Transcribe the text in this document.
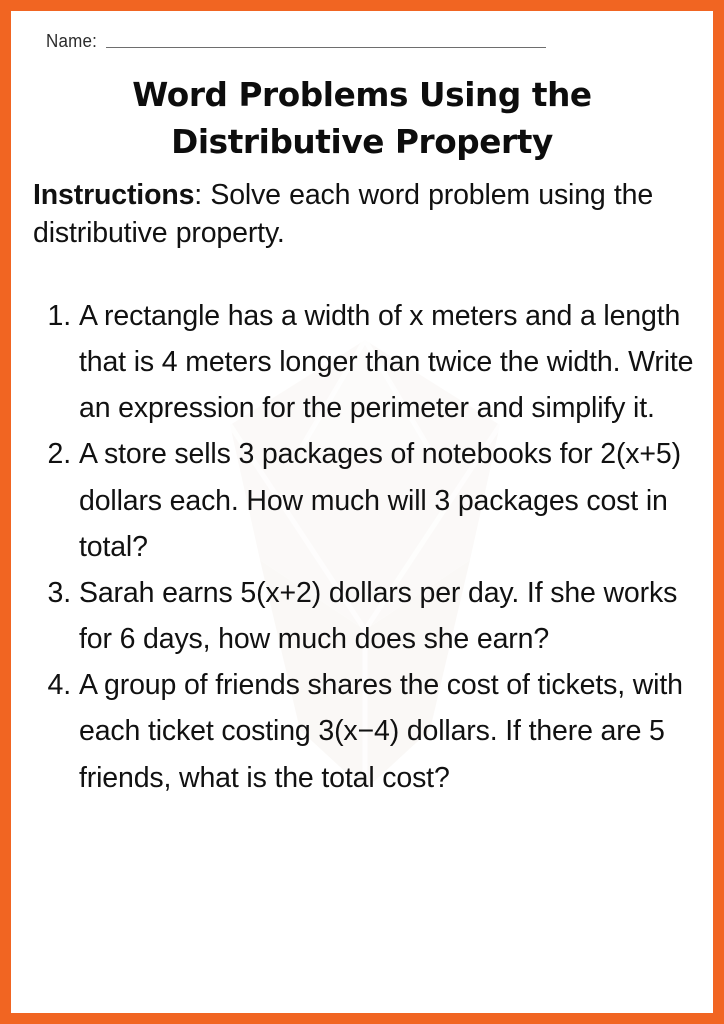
Name:
Word Problems Using the
Distributive Property
Instructions: Solve each word problem using the distributive property.
1. A rectangle has a width of x meters and a length that is 4 meters longer than twice the width. Write an expression for the perimeter and simplify it.
2. A store sells 3 packages of notebooks for 2(x+5) dollars each. How much will 3 packages cost in total?
3. Sarah earns 5(x+2) dollars per day. If she works for 6 days, how much does she earn?
4. A group of friends shares the cost of tickets, with each ticket costing 3(x−4) dollars. If there are 5 friends, what is the total cost?
